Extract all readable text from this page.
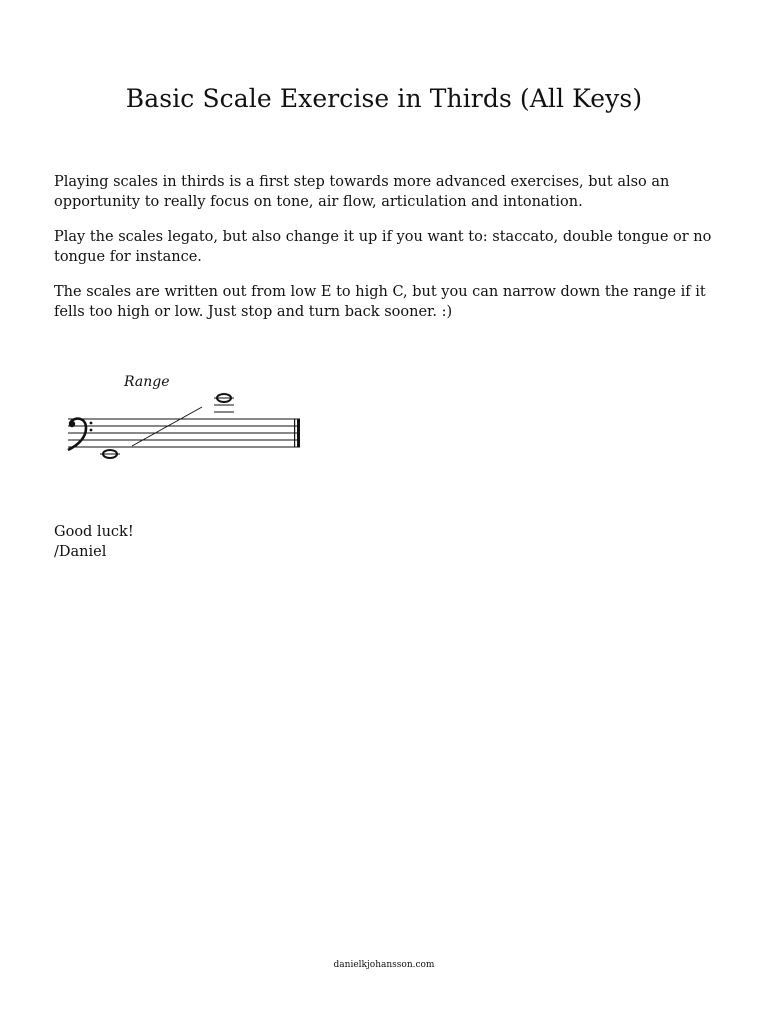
Basic Scale Exercise in Thirds (All Keys)

Playing scales in thirds is a first step towards more advanced exercises, but also an opportunity to really focus on tone, air flow, articulation and intonation.

Play the scales legato, but also change it up if you want to: staccato, double tongue or no tongue for instance.

The scales are written out from low E to high C, but you can narrow down the range if it fells too high or low. Just stop and turn back sooner. :)

Range
Good luck!
/Daniel
danielkjohansson.com
